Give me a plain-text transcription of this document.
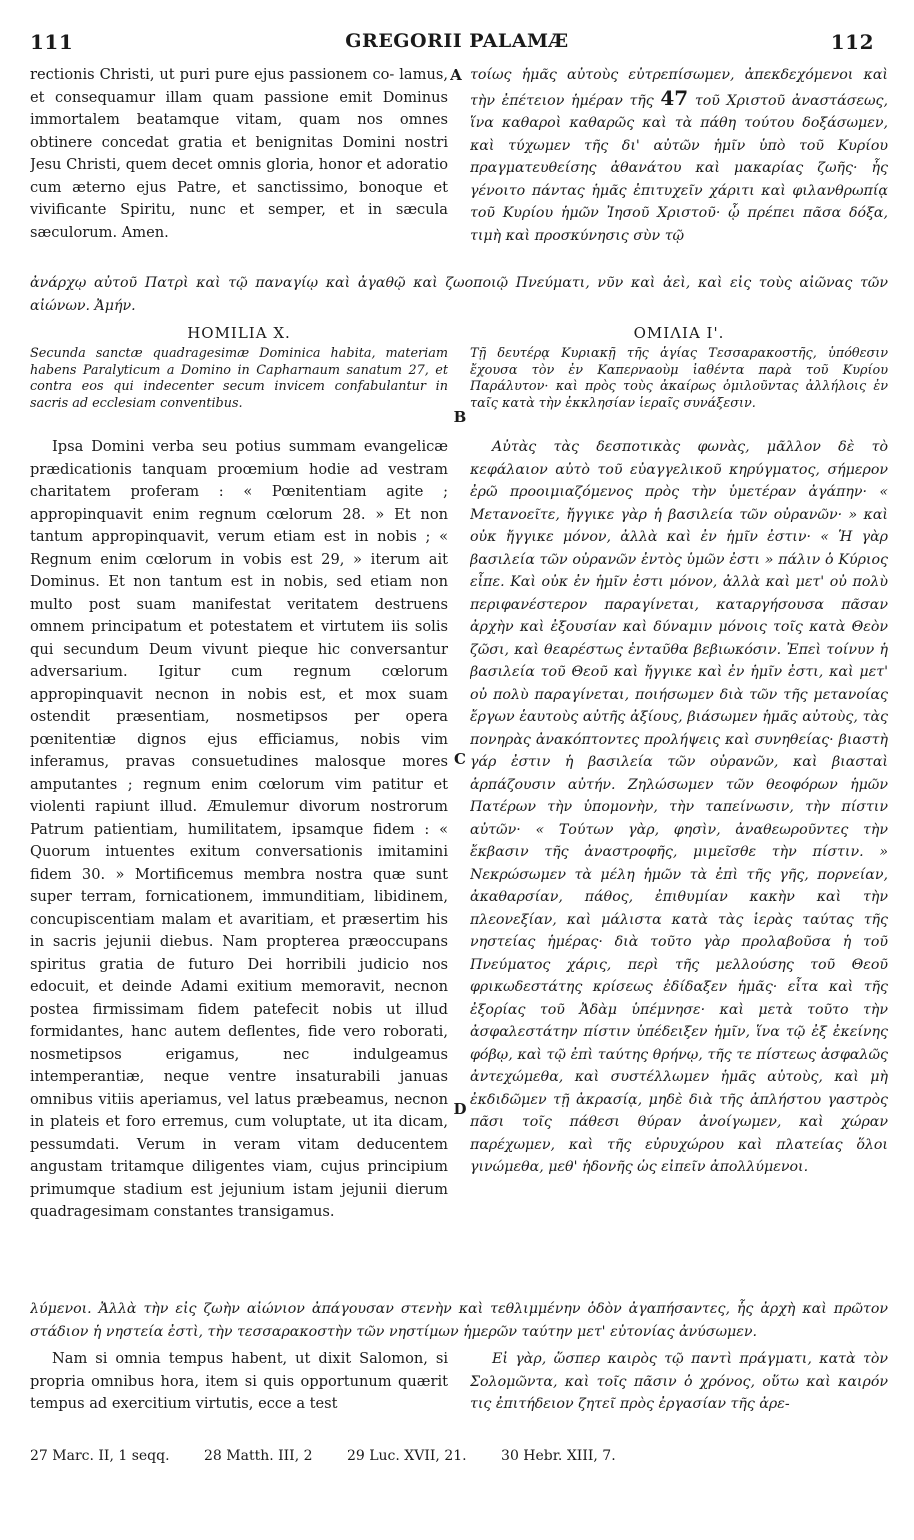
111	GREGORII PALAMÆ	112

rectionis Christi, ut puri pure ejus passionem co- lamus, et consequamur illam quam passione emit Dominus immortalem beatamque vitam, quam nos omnes obtinere concedat gratia et benignitas Domini nostri Jesu Christi, quem decet omnis gloria, honor et adoratio cum æterno ejus Patre, et sanctissimo, bonoque et vivificante Spiritu, nunc et semper, et in sæcula sæculorum. Amen.

τοίως ἡμᾶς αὐτοὺς εὐτρεπίσωμεν, ἀπεκδεχόμενοι καὶ τὴν ἐπέτειον ἡμέραν τῆς 47 τοῦ Χριστοῦ ἀναστάσεως, ἵνα καθαροὶ καθαρῶς καὶ τὰ πάθη τούτου δοξάσωμεν, καὶ τύχωμεν τῆς δι' αὐτῶν ἡμῖν ὑπὸ τοῦ Κυρίου πραγματευθείσης ἀθανάτου καὶ μακαρίας ζωῆς· ἧς γένοιτο πάντας ἡμᾶς ἐπιτυχεῖν χάριτι καὶ φιλανθρωπίᾳ τοῦ Κυρίου ἡμῶν Ἰησοῦ Χριστοῦ· ᾧ πρέπει πᾶσα δόξα, τιμὴ καὶ προσκύνησις σὺν τῷ

ἀνάρχῳ αὐτοῦ Πατρὶ καὶ τῷ παναγίῳ καὶ ἀγαθῷ καὶ ζωοποιῷ Πνεύματι, νῦν καὶ ἀεὶ, καὶ εἰς τοὺς αἰῶνας τῶν αἰώνων. Ἀμήν.

A
HOMILIA X.	ΟΜΙΛΙΑ Ι'.

Secunda sanctæ quadragesimæ Dominica habita, materiam habens Paralyticum a Domino in Capharnaum sanatum 27, et contra eos qui indecenter secum invicem confabulantur in sacris ad ecclesiam conventibus.

Τῇ δευτέρᾳ Κυριακῇ τῆς ἁγίας Τεσσαρακοστῆς, ὑπόθεσιν ἔχουσα τὸν ἐν Καπερναοὺμ ἰαθέντα παρὰ τοῦ Κυρίου Παράλυτον· καὶ πρὸς τοὺς ἀκαίρως ὁμιλοῦντας ἀλλήλοις ἐν ταῖς κατὰ τὴν ἐκκλησίαν ἱεραῖς συνάξεσιν.

B

Ipsa Domini verba seu potius summam evangelicæ prædicationis tanquam proœmium hodie ad vestram charitatem proferam : « Pœnitentiam agite ; appropinquavit enim regnum cœlorum 28. » Et non tantum appropinquavit, verum etiam est in nobis ; « Regnum enim cœlorum in vobis est 29, » iterum ait Dominus. Et non tantum est in nobis, sed etiam non multo post suam manifestat veritatem destruens omnem principatum et potestatem et virtutem iis solis qui secundum Deum vivunt pieque hic conversantur adversarium. Igitur cum regnum cœlorum appropinquavit necnon in nobis est, et mox suam ostendit præsentiam, nosmetipsos per opera pœnitentiæ dignos ejus efficiamus, nobis vim inferamus, pravas consuetudines malosque mores amputantes ; regnum enim cœlorum vim patitur et violenti rapiunt illud. Æmulemur divorum nostrorum Patrum patientiam, humilitatem, ipsamque fidem : « Quorum intuentes exitum conversationis imitamini fidem 30. » Mortificemus membra nostra quæ sunt super terram, fornicationem, immunditiam, libidinem, concupiscentiam malam et avaritiam, et præsertim his in sacris jejunii diebus. Nam propterea præoccupans spiritus gratia de futuro Dei horribili judicio nos edocuit, et deinde Adami exitium memoravit, necnon postea firmissimam fidem patefecit nobis ut illud formidantes, hanc autem deflentes, fide vero roborati, nosmetipsos erigamus, nec indulgeamus intemperantiæ, neque ventre insaturabili januas omnibus vitiis aperiamus, vel latus præbeamus, necnon in plateis et foro erremus, cum voluptate, ut ita dicam, pessumdati. Verum in veram vitam deducentem angustam tritamque diligentes viam, cujus principium primumque stadium est jejunium istam jejunii dierum quadragesimam constantes transigamus.

Αὐτὰς τὰς δεσποτικὰς φωνὰς, μᾶλλον δὲ τὸ κεφάλαιον αὐτὸ τοῦ εὐαγγελικοῦ κηρύγματος, σήμερον ἐρῶ προοιμιαζόμενος πρὸς τὴν ὑμετέραν ἀγάπην· « Μετανοεῖτε, ἤγγικε γὰρ ἡ βασιλεία τῶν οὐρανῶν· » καὶ οὐκ ἤγγικε μόνον, ἀλλὰ καὶ ἐν ἡμῖν ἐστιν· « Ἡ γὰρ βασιλεία τῶν οὐρανῶν ἐντὸς ὑμῶν ἐστι » πάλιν ὁ Κύριος εἶπε. Καὶ οὐκ ἐν ἡμῖν ἐστι μόνον, ἀλλὰ καὶ μετ' οὐ πολὺ περιφανέστερον παραγίνεται, καταργήσουσα πᾶσαν ἀρχὴν καὶ ἐξουσίαν καὶ δύναμιν μόνοις τοῖς κατὰ Θεὸν ζῶσι, καὶ θεαρέστως ἐνταῦθα βεβιωκόσιν. Ἐπεὶ τοίνυν ἡ βασιλεία τοῦ Θεοῦ καὶ ἤγγικε καὶ ἐν ἡμῖν ἐστι, καὶ μετ' οὐ πολὺ παραγίνεται, ποιήσωμεν διὰ τῶν τῆς μετανοίας ἔργων ἑαυτοὺς αὐτῆς ἀξίους, βιάσωμεν ἡμᾶς αὐτοὺς, τὰς πονηρὰς ἀνακόπτοντες προλήψεις καὶ συνηθείας· βιαστὴ γάρ ἐστιν ἡ βασιλεία τῶν οὐρανῶν, καὶ βιασταὶ ἁρπάζουσιν αὐτήν. Ζηλώσωμεν τῶν θεοφόρων ἡμῶν Πατέρων τὴν ὑπομονὴν, τὴν ταπείνωσιν, τὴν πίστιν αὐτῶν· « Τούτων γὰρ, φησὶν, ἀναθεωροῦντες τὴν ἔκβασιν τῆς ἀναστροφῆς, μιμεῖσθε τὴν πίστιν. » Νεκρώσωμεν τὰ μέλη ἡμῶν τὰ ἐπὶ τῆς γῆς, πορνείαν, ἀκαθαρσίαν, πάθος, ἐπιθυμίαν κακὴν καὶ τὴν πλεονεξίαν, καὶ μάλιστα κατὰ τὰς ἱερὰς ταύτας τῆς νηστείας ἡμέρας· διὰ τοῦτο γὰρ προλαβοῦσα ἡ τοῦ Πνεύματος χάρις, περὶ τῆς μελλούσης τοῦ Θεοῦ φρικωδεστάτης κρίσεως ἐδίδαξεν ἡμᾶς· εἶτα καὶ τῆς ἐξορίας τοῦ Ἀδὰμ ὑπέμνησε· καὶ μετὰ τοῦτο τὴν ἀσφαλεστάτην πίστιν ὑπέδειξεν ἡμῖν, ἵνα τῷ ἐξ ἐκείνης φόβῳ, καὶ τῷ ἐπὶ ταύτης θρήνῳ, τῆς τε πίστεως ἀσφαλῶς ἀντεχώμεθα, καὶ συστέλλωμεν ἡμᾶς αὐτοὺς, καὶ μὴ ἐκδιδῶμεν τῇ ἀκρασίᾳ, μηδὲ διὰ τῆς ἀπλήστου γαστρὸς πᾶσι τοῖς πάθεσι θύραν ἀνοίγωμεν, καὶ χώραν παρέχωμεν, καὶ τῆς εὐρυχώρου καὶ πλατείας ὅλοι γινώμεθα, μεθ' ἡδονῆς ὡς εἰπεῖν ἀπολλύμενοι.

C
D

λύμενοι. Ἀλλὰ τὴν εἰς ζωὴν αἰώνιον ἀπάγουσαν στενὴν καὶ τεθλιμμένην ὁδὸν ἀγαπήσαντες, ἧς ἀρχὴ καὶ πρῶτον στάδιον ἡ νηστεία ἐστὶ, τὴν τεσσαρακοστὴν τῶν νηστίμων ἡμερῶν ταύτην μετ' εὐτονίας ἀνύσωμεν.

Nam si omnia tempus habent, ut dixit Salomon, si propria omnibus hora, item si quis opportunum quærit tempus ad exercitium virtutis, ecce a test

Εἰ γὰρ, ὥσπερ καιρὸς τῷ παντὶ πράγματι, κατὰ τὸν Σολομῶντα, καὶ τοῖς πᾶσιν ὁ χρόνος, οὕτω καὶ καιρόν τις ἐπιτήδειον ζητεῖ πρὸς ἐργασίαν τῆς ἀρε-

27 Marc. II, 1 seqq. 28 Matth. III, 2 29 Luc. XVII, 21. 30 Hebr. XIII, 7.
